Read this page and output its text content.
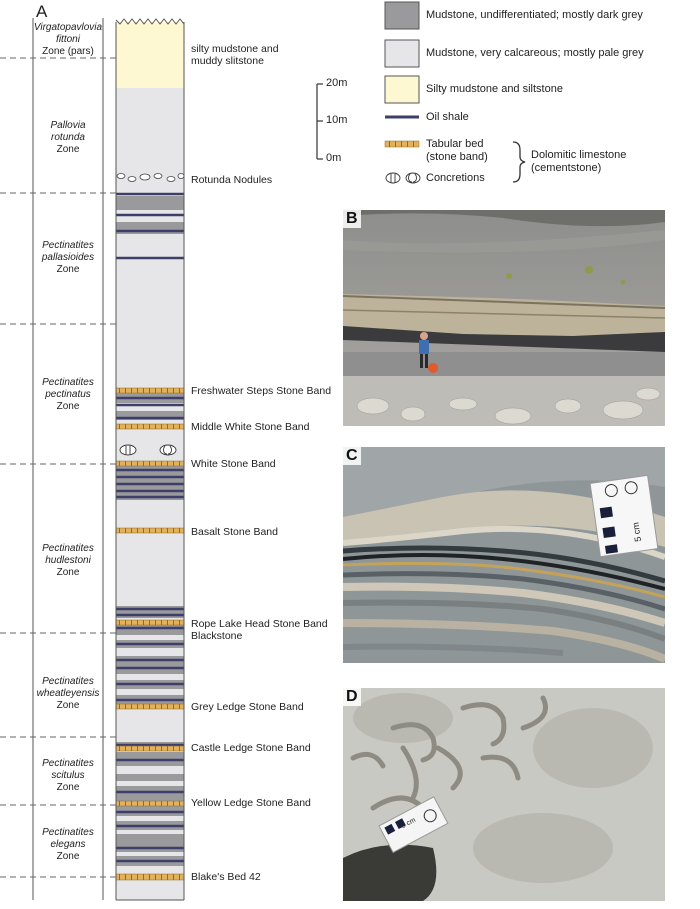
A
Virgatopavlovia
fittoni
Zone (pars)
Pallovia
rotunda
Zone
Pectinatites
pallasioides
Zone
Pectinatites
pectinatus
Zone
Pectinatites
hudlestoni
Zone
Pectinatites
wheatleyensis
Zone
Pectinatites
scitulus
Zone
Pectinatites
elegans
Zone
silty mudstone and
muddy slitstone
Rotunda Nodules
Freshwater Steps Stone Band
Middle White Stone Band
White Stone Band
Basalt Stone Band
Rope Lake Head Stone Band
Blackstone
Grey Ledge Stone Band
Castle Ledge Stone Band
Yellow Ledge Stone Band
Blake's Bed 42
20m
10m
0m
Mudstone, undifferentiated; mostly dark grey
Mudstone, very calcareous; mostly pale grey
Silty mudstone and siltstone
Oil shale
Tabular bed
(stone band)
Concretions
Dolomitic limestone
(cementstone)
B
5 cm
C
5 cm
D
